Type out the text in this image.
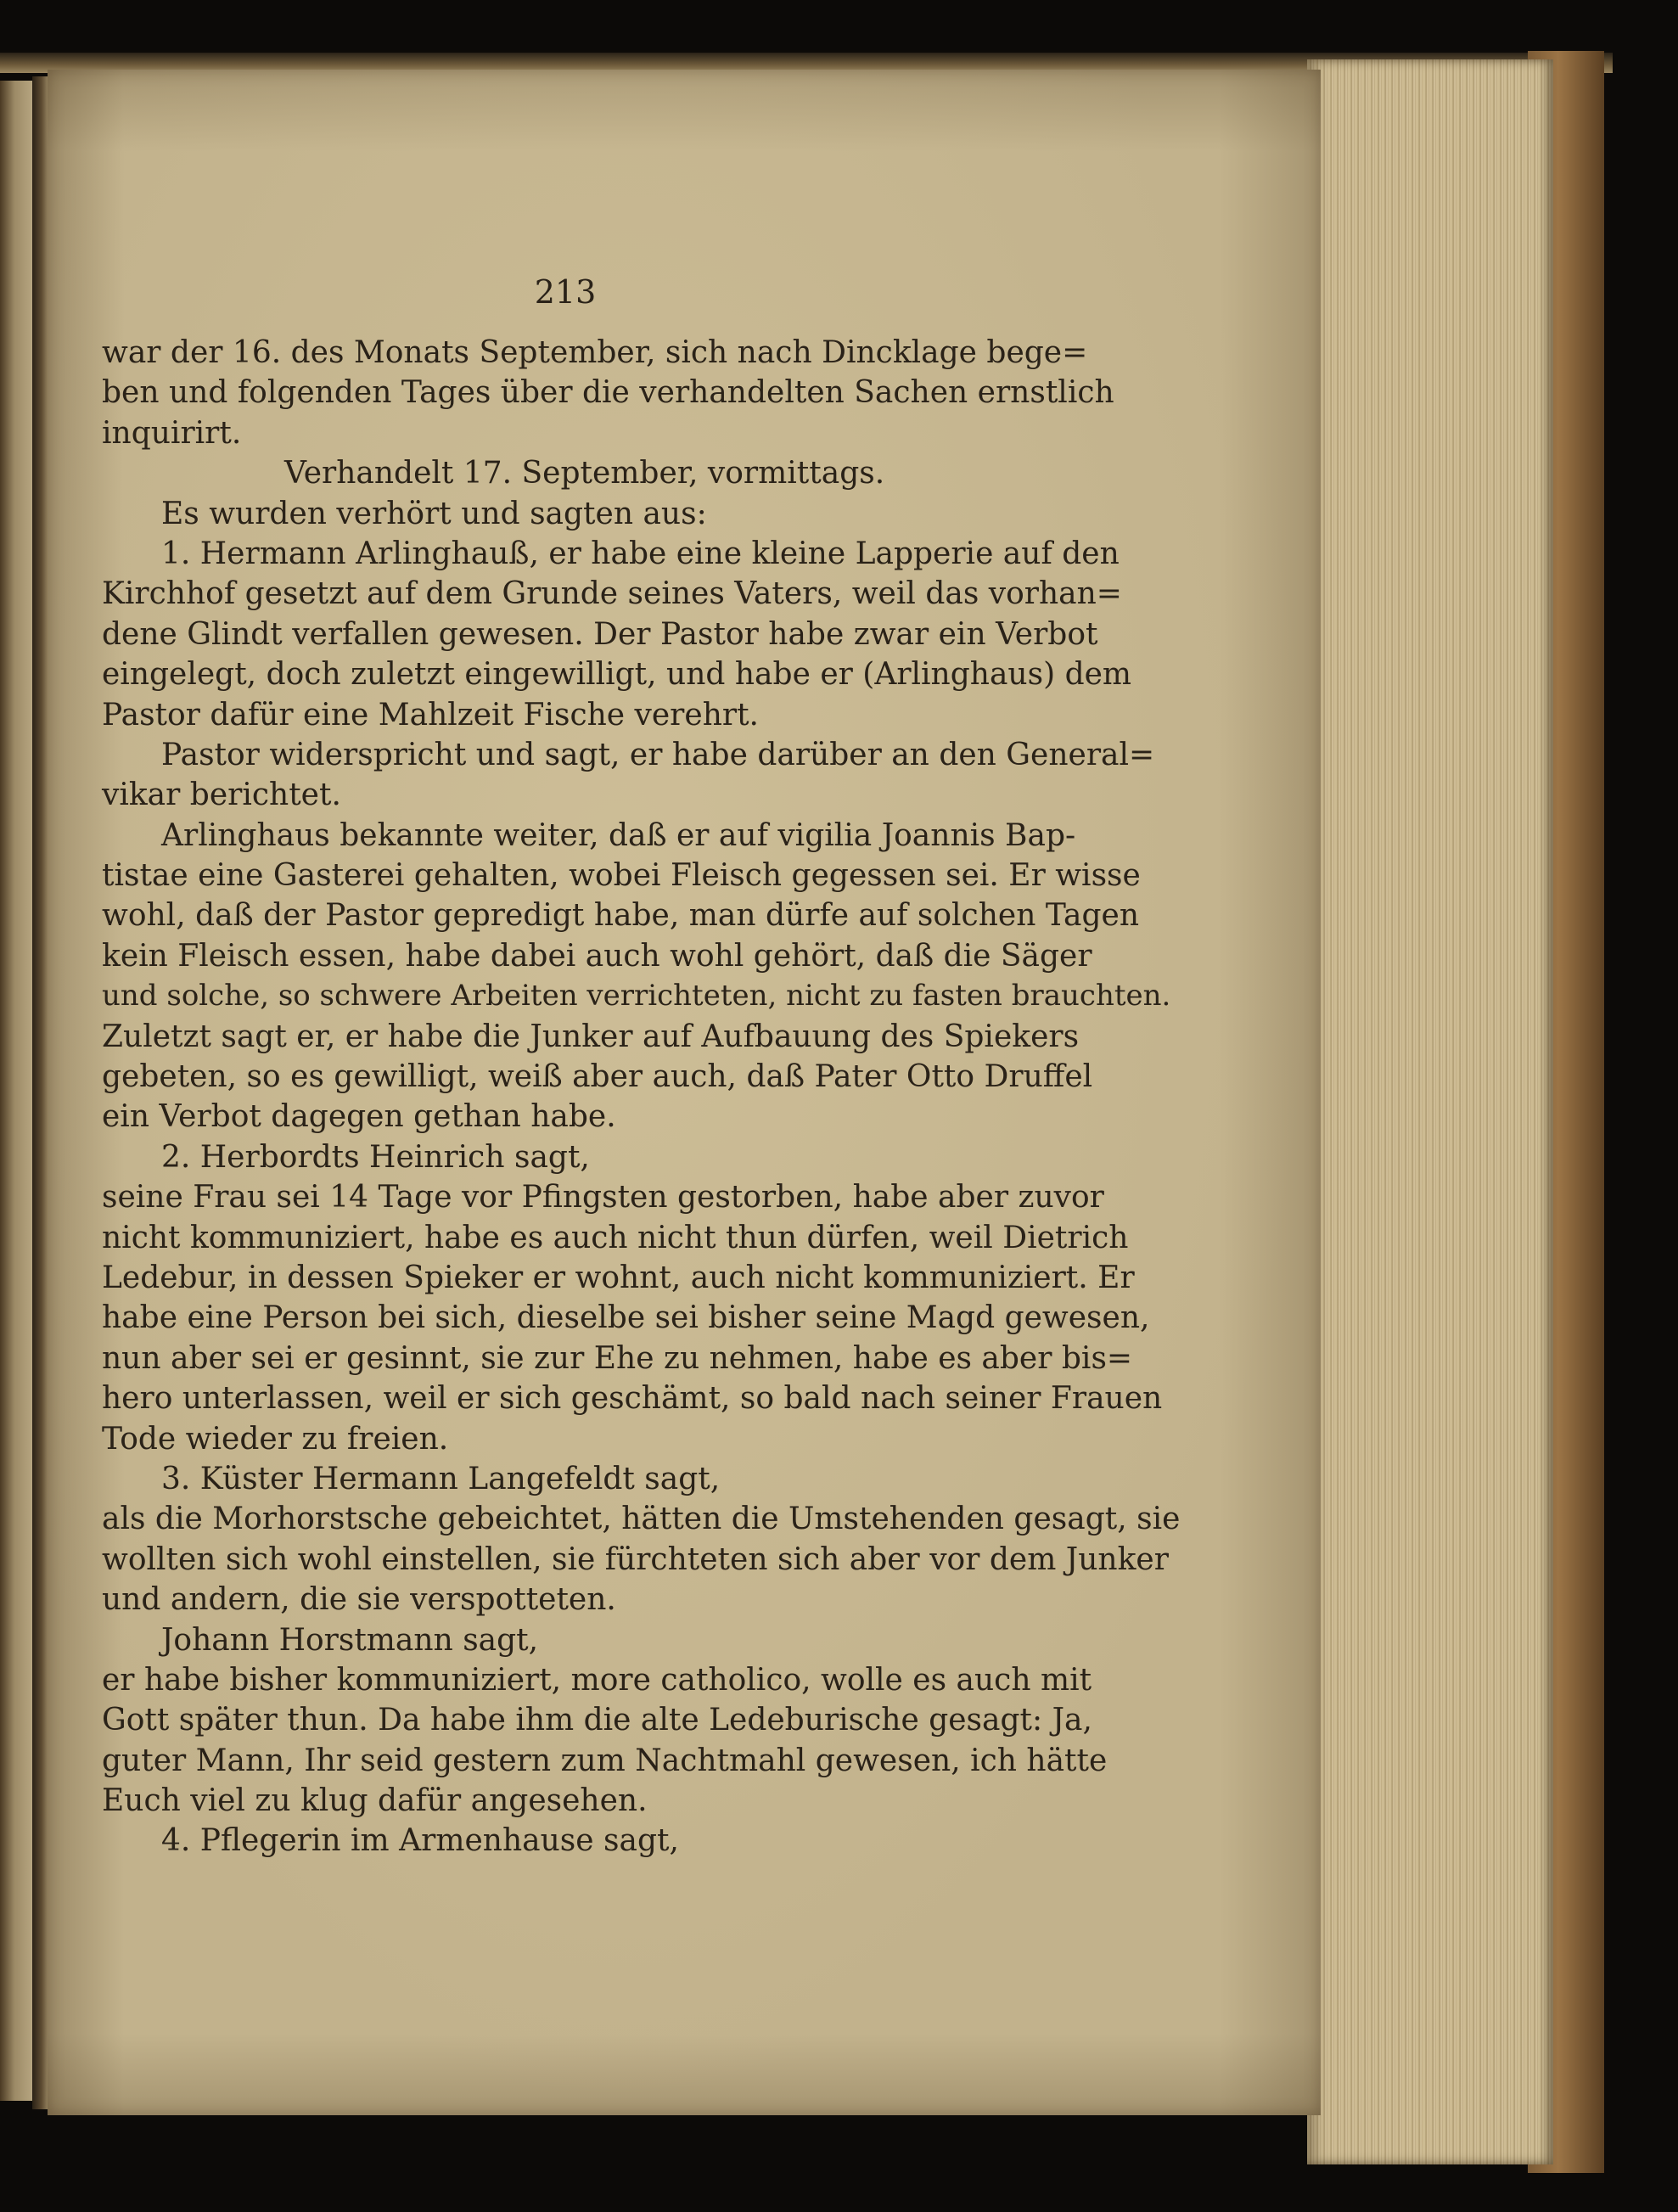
213
war der 16. des Monats September, sich nach Dincklage bege=
ben und folgenden Tages über die verhandelten Sachen ernstlich
inquirirt.
Verhandelt 17. September, vormittags.
Es wurden verhört und sagten aus:
1. Hermann Arlinghauß, er habe eine kleine Lapperie auf den
Kirchhof gesetzt auf dem Grunde seines Vaters, weil das vorhan=
dene Glindt verfallen gewesen. Der Pastor habe zwar ein Verbot
eingelegt, doch zuletzt eingewilligt, und habe er (Arlinghaus) dem
Pastor dafür eine Mahlzeit Fische verehrt.
Pastor widerspricht und sagt, er habe darüber an den General=
vikar berichtet.
Arlinghaus bekannte weiter, daß er auf vigilia Joannis Bap-
tistae eine Gasterei gehalten, wobei Fleisch gegessen sei. Er wisse
wohl, daß der Pastor gepredigt habe, man dürfe auf solchen Tagen
kein Fleisch essen, habe dabei auch wohl gehört, daß die Säger
und solche, so schwere Arbeiten verrichteten, nicht zu fasten brauchten.
Zuletzt sagt er, er habe die Junker auf Aufbauung des Spiekers
gebeten, so es gewilligt, weiß aber auch, daß Pater Otto Druffel
ein Verbot dagegen gethan habe.
2. Herbordts Heinrich sagt,
seine Frau sei 14 Tage vor Pfingsten gestorben, habe aber zuvor
nicht kommuniziert, habe es auch nicht thun dürfen, weil Dietrich
Ledebur, in dessen Spieker er wohnt, auch nicht kommuniziert. Er
habe eine Person bei sich, dieselbe sei bisher seine Magd gewesen,
nun aber sei er gesinnt, sie zur Ehe zu nehmen, habe es aber bis=
hero unterlassen, weil er sich geschämt, so bald nach seiner Frauen
Tode wieder zu freien.
3. Küster Hermann Langefeldt sagt,
als die Morhorstsche gebeichtet, hätten die Umstehenden gesagt, sie
wollten sich wohl einstellen, sie fürchteten sich aber vor dem Junker
und andern, die sie verspotteten.
Johann Horstmann sagt,
er habe bisher kommuniziert, more catholico, wolle es auch mit
Gott später thun. Da habe ihm die alte Ledeburische gesagt: Ja,
guter Mann, Ihr seid gestern zum Nachtmahl gewesen, ich hätte
Euch viel zu klug dafür angesehen.
4. Pflegerin im Armenhause sagt,
